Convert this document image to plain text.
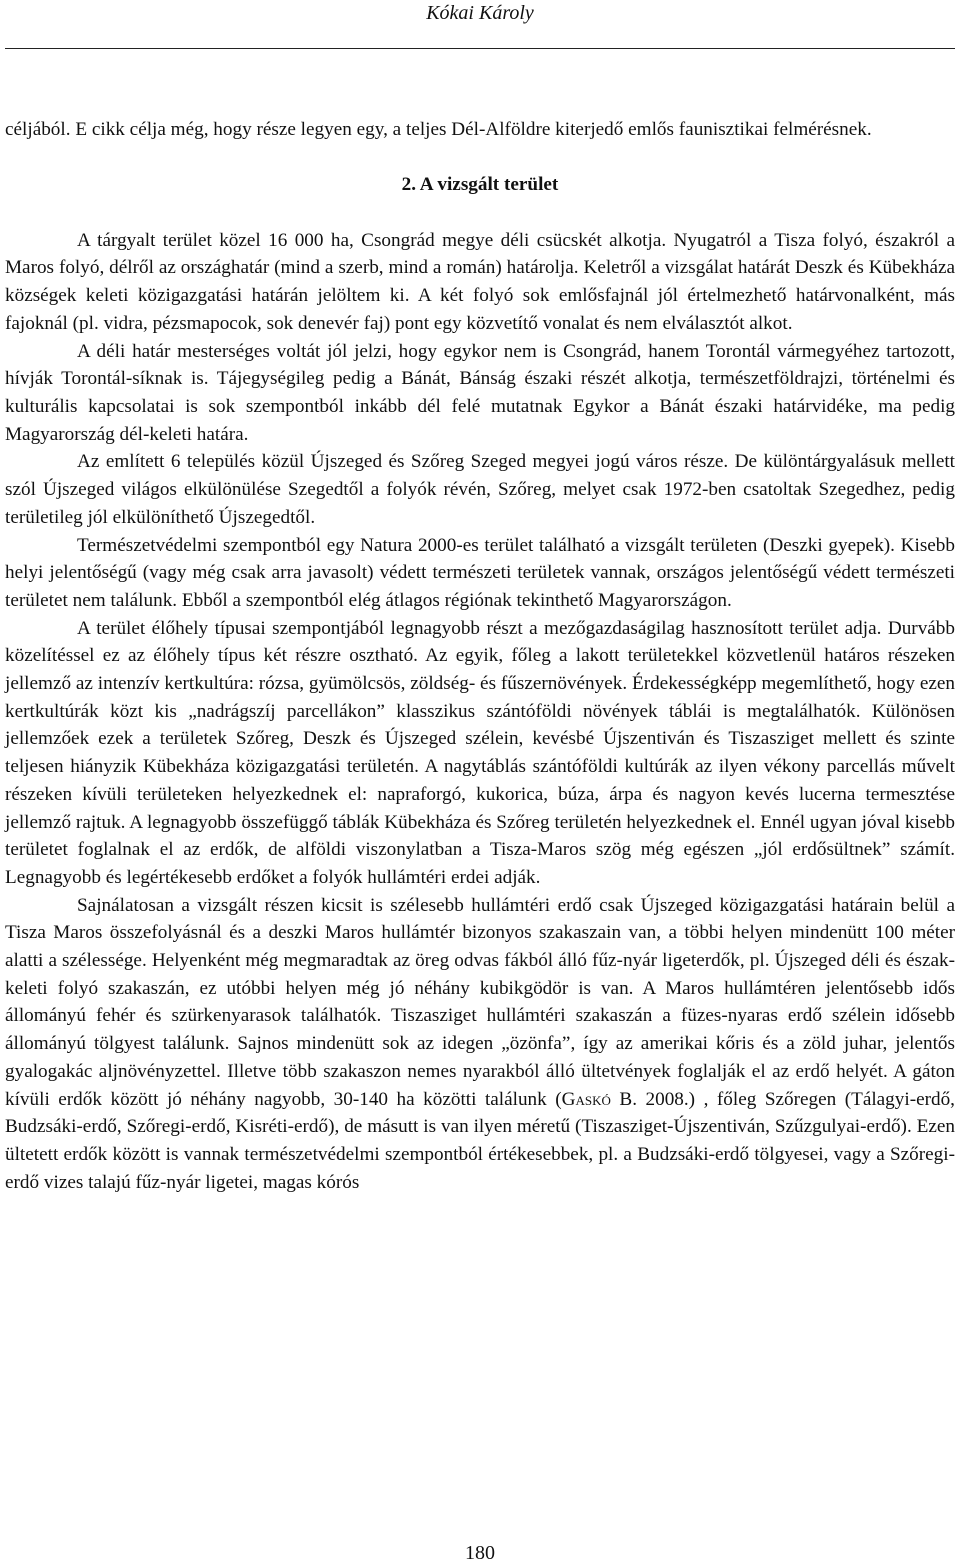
Kókai Károly

céljából. E cikk célja még, hogy része legyen egy, a teljes Dél-Alföldre kiterjedő emlős faunisztikai felmérésnek.

2. A vizsgált terület

A tárgyalt terület közel 16 000 ha, Csongrád megye déli csücskét alkotja. Nyugatról a Tisza folyó, északról a Maros folyó, délről az országhatár (mind a szerb, mind a román) határolja. Keletről a vizsgálat határát Deszk és Kübekháza községek keleti közigazgatási határán jelöltem ki. A két folyó sok emlősfajnál jól értelmezhető határvonalként, más fajoknál (pl. vidra, pézsmapocok, sok denevér faj) pont egy közvetítő vonalat és nem elválasztót alkot.

A déli határ mesterséges voltát jól jelzi, hogy egykor nem is Csongrád, hanem Torontál vármegyéhez tartozott, hívják Torontál-síknak is. Tájegységileg pedig a Bánát, Bánság északi részét alkotja, természetföldrajzi, történelmi és kulturális kapcsolatai is sok szempontból inkább dél felé mutatnak Egykor a Bánát északi határvidéke, ma pedig Magyarország dél-keleti határa.

Az említett 6 település közül Újszeged és Szőreg Szeged megyei jogú város része. De különtárgyalásuk mellett szól Újszeged világos elkülönülése Szegedtől a folyók révén, Szőreg, melyet csak 1972-ben csatoltak Szegedhez, pedig területileg jól elkülöníthető Újszegedtől.

Természetvédelmi szempontból egy Natura 2000-es terület található a vizsgált területen (Deszki gyepek). Kisebb helyi jelentőségű (vagy még csak arra javasolt) védett természeti területek vannak, országos jelentőségű védett természeti területet nem találunk. Ebből a szempontból elég átlagos régiónak tekinthető Magyarországon.

A terület élőhely típusai szempontjából legnagyobb részt a mezőgazdaságilag hasznosított terület adja. Durvább közelítéssel ez az élőhely típus két részre osztható. Az egyik, főleg a lakott területekkel közvetlenül határos részeken jellemző az intenzív kertkultúra: rózsa, gyümölcsös, zöldség- és fűszernövények. Érdekességképp megemlíthető, hogy ezen kertkultúrák közt kis „nadrágszíj parcellákon” klasszikus szántóföldi növények táblái is megtalálhatók. Különösen jellemzőek ezek a területek Szőreg, Deszk és Újszeged szélein, kevésbé Újszentiván és Tiszasziget mellett és szinte teljesen hiányzik Kübekháza közigazgatási területén. A nagytáblás szántóföldi kultúrák az ilyen vékony parcellás művelt részeken kívüli területeken helyezkednek el: napraforgó, kukorica, búza, árpa és nagyon kevés lucerna termesztése jellemző rajtuk. A legnagyobb összefüggő táblák Kübekháza és Szőreg területén helyezkednek el. Ennél ugyan jóval kisebb területet foglalnak el az erdők, de alföldi viszonylatban a Tisza-Maros szög még egészen „jól erdősültnek” számít. Legnagyobb és legértékesebb erdőket a folyók hullámtéri erdei adják.

Sajnálatosan a vizsgált részen kicsit is szélesebb hullámtéri erdő csak Újszeged közigazgatási határain belül a Tisza Maros összefolyásnál és a deszki Maros hullámtér bizonyos szakaszain van, a többi helyen mindenütt 100 méter alatti a szélessége. Helyenként még megmaradtak az öreg odvas fákból álló fűz-nyár ligeterdők, pl. Újszeged déli és észak-keleti folyó szakaszán, ez utóbbi helyen még jó néhány kubikgödör is van. A Maros hullámtéren jelentősebb idős állományú fehér és szürkenyarasok találhatók. Tiszasziget hullámtéri szakaszán a füzes-nyaras erdő szélein idősebb állományú tölgyest találunk. Sajnos mindenütt sok az idegen „özönfa”, így az amerikai kőris és a zöld juhar, jelentős gyalogakác aljnövényzettel. Illetve több szakaszon nemes nyarakból álló ültetvények foglalják el az erdő helyét. A gáton kívüli erdők között jó néhány nagyobb, 30-140 ha közötti találunk (Gaskó B. 2008.) , főleg Szőregen (Tálagyi-erdő, Budzsáki-erdő, Szőregi-erdő, Kisréti-erdő), de másutt is van ilyen méretű (Tiszasziget-Újszentiván, Szűzgulyai-erdő). Ezen ültetett erdők között is vannak természetvédelmi szempontból értékesebbek, pl. a Budzsáki-erdő tölgyesei, vagy a Szőregi-erdő vizes talajú fűz-nyár ligetei, magas kórós

180
